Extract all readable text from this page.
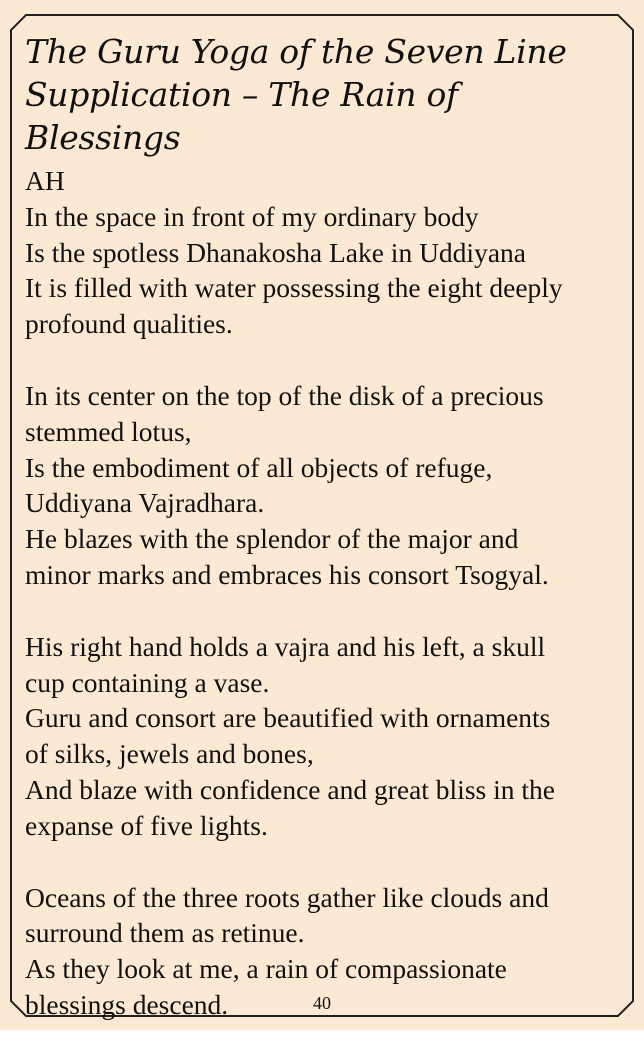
The Guru Yoga of the Seven Line
Supplication – The Rain of Blessings
AH
In the space in front of my ordinary body
Is the spotless Dhanakosha Lake in Uddiyana
It is filled with water possessing the eight deeply
profound qualities.
In its center on the top of the disk of a precious
stemmed lotus,
Is the embodiment of all objects of refuge,
Uddiyana Vajradhara.
He blazes with the splendor of the major and
minor marks and embraces his consort Tsogyal.
His right hand holds a vajra and his left, a skull
cup containing a vase.
Guru and consort are beautified with ornaments
of silks, jewels and bones,
And blaze with confidence and great bliss in the
expanse of five lights.
Oceans of the three roots gather like clouds and
surround them as retinue.
As they look at me, a rain of compassionate
blessings descend.	40
